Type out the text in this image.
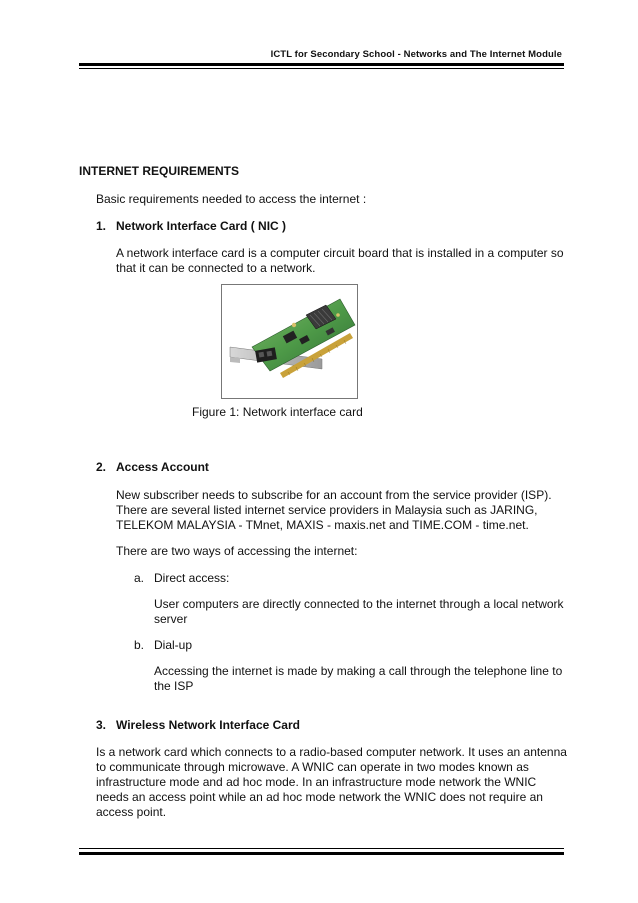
ICTL for Secondary School - Networks and The Internet Module
INTERNET REQUIREMENTS
Basic requirements needed to access the internet :
1. Network Interface Card ( NIC )
A network interface card is a computer circuit board that is installed in a computer so
that it can be connected to a network.
Figure 1: Network interface card
2. Access Account
New subscriber needs to subscribe for an account from the service provider (ISP).
There are several listed internet service providers in Malaysia such as JARING,
TELEKOM MALAYSIA - TMnet, MAXIS - maxis.net and TIME.COM - time.net.
There are two ways of accessing the internet:
a. Direct access:
User computers are directly connected to the internet through a local network
server
b. Dial-up
Accessing the internet is made by making a call through the telephone line to
the ISP
3. Wireless Network Interface Card
Is a network card which connects to a radio-based computer network. It uses an antenna
to communicate through microwave. A WNIC can operate in two modes known as
infrastructure mode and ad hoc mode. In an infrastructure mode network the WNIC
needs an access point while an ad hoc mode network the WNIC does not require an
access point.
